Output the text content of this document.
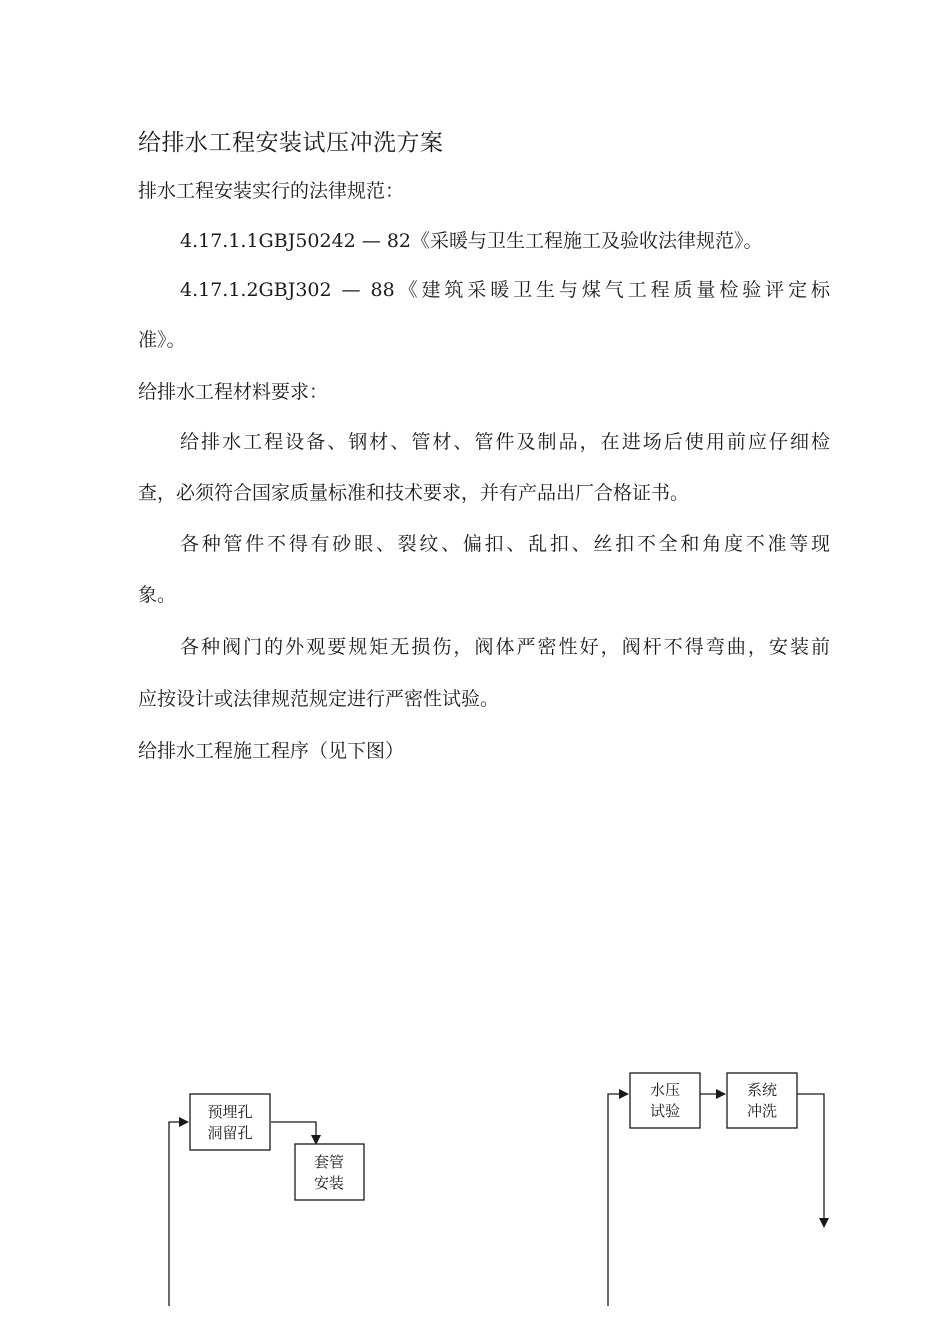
给排水工程安装试压冲洗方案
排水工程安装实行的法律规范：
4.17.1.1GBJ50242 — 82《采暖与卫生工程施工及验收法律规范》。
4.17.1.2GBJ302 — 88《建筑采暖卫生与煤气工程质量检验评定标
准》。
给排水工程材料要求：
给排水工程设备、钢材、管材、管件及制品，在进场后使用前应仔细检
查，必须符合国家质量标准和技术要求，并有产品出厂合格证书。
各种管件不得有砂眼、裂纹、偏扣、乱扣、丝扣不全和角度不准等现
象。
各种阀门的外观要规矩无损伤，阀体严密性好，阀杆不得弯曲，安装前
应按设计或法律规范规定进行严密性试验。
给排水工程施工程序（见下图）
预埋孔
洞留孔
套管
安装
水压
试验
系统
冲洗
